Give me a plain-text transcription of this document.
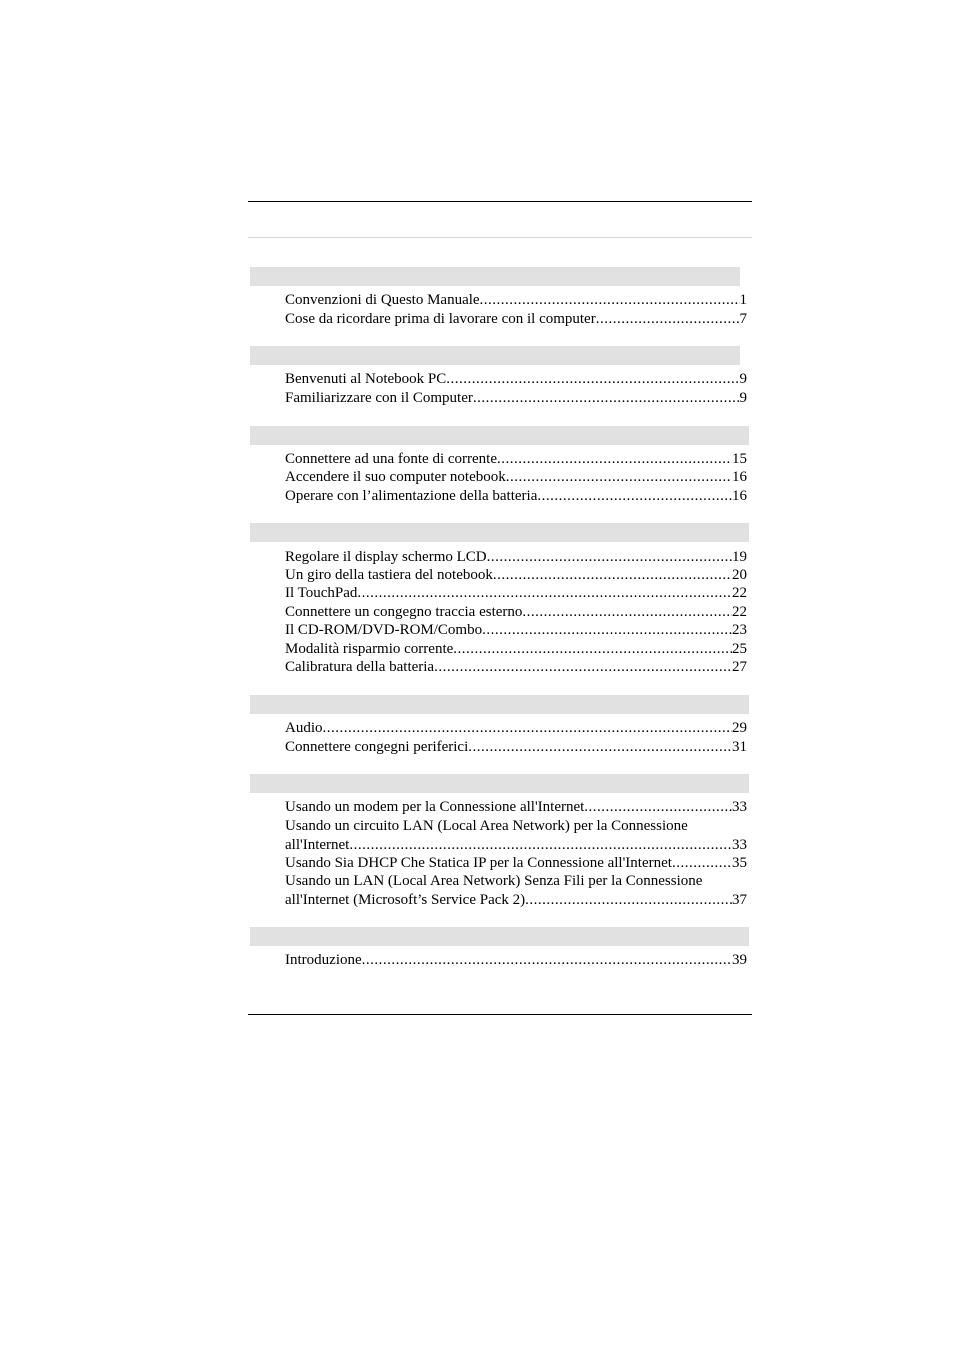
Convenzioni di Questo Manuale .....	1
Cose da ricordare prima di lavorare con il computer .....	7
Benvenuti al Notebook PC .....	9
Familiarizzare con il Computer .....	9
Connettere ad una fonte di corrente .....	15
Accendere il suo computer notebook .....	16
Operare con l’alimentazione della batteria .....	16
Regolare il display schermo LCD .....	19
Un giro della tastiera del notebook .....	20
Il TouchPad .....	22
Connettere un congegno traccia esterno .....	22
Il CD-ROM/DVD-ROM/Combo .....	23
Modalità risparmio corrente .....	25
Calibratura della batteria .....	27
Audio .....	29
Connettere congegni periferici .....	31
Usando un modem per la Connessione all'Internet .....	33
Usando un circuito LAN (Local Area Network) per la Connessione
all'Internet .....	33
Usando Sia DHCP Che Statica IP per la Connessione all'Internet .....	35
Usando un LAN (Local Area Network) Senza Fili per la Connessione
all'Internet (Microsoft’s Service Pack 2) .....	37
Introduzione .....	39
